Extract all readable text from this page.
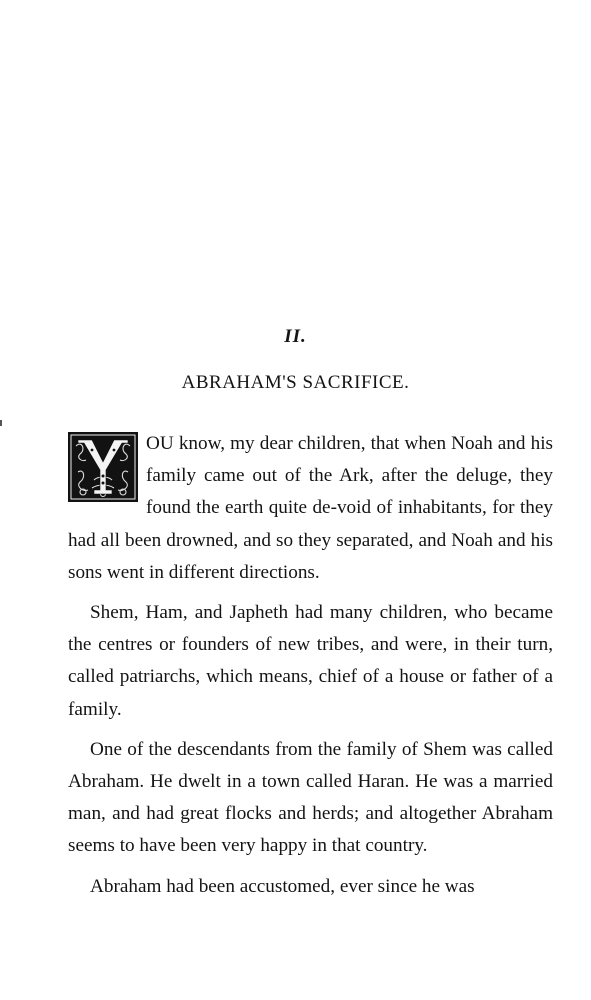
II.
ABRAHAM'S SACRIFICE.

OU know, my dear children, that when Noah and his family came out of the Ark, after the deluge, they found the earth quite de-void of inhabitants, for they had all been drowned, and so they separated, and Noah and his sons went in different directions.

Shem, Ham, and Japheth had many children, who became the centres or founders of new tribes, and were, in their turn, called patriarchs, which means, chief of a house or father of a family.

One of the descendants from the family of Shem was called Abraham. He dwelt in a town called Haran. He was a married man, and had great flocks and herds; and altogether Abraham seems to have been very happy in that country.

Abraham had been accustomed, ever since he was
